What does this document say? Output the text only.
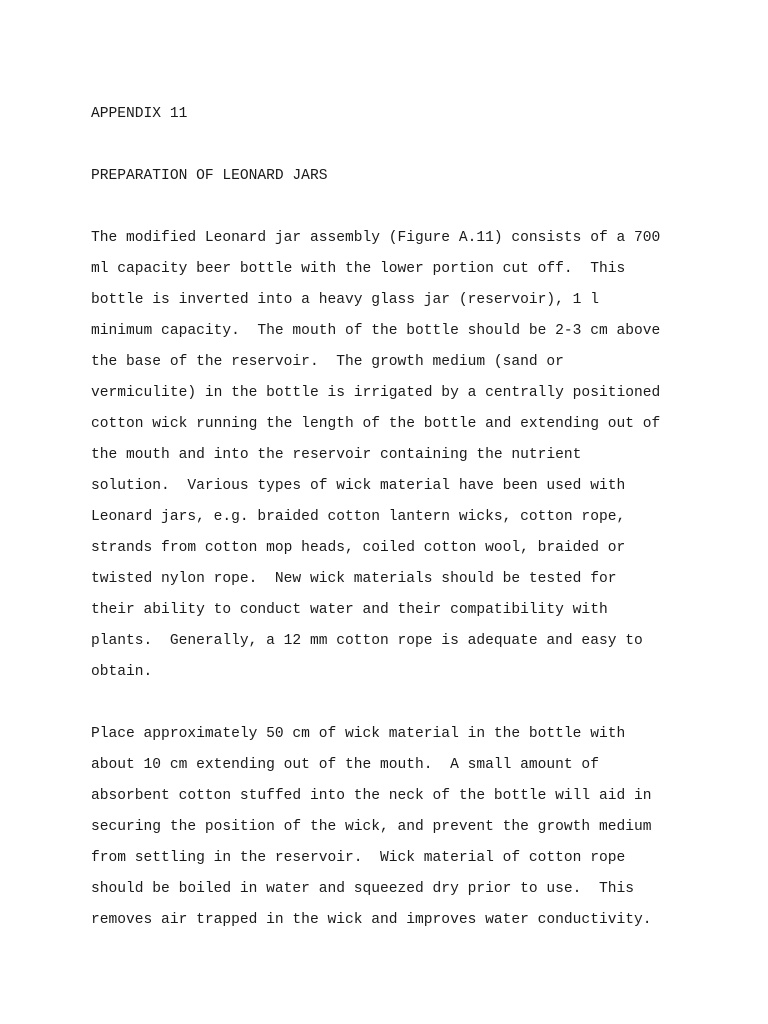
APPENDIX 11
PREPARATION OF LEONARD JARS
The modified Leonard jar assembly (Figure A.11) consists of a 700
ml capacity beer bottle with the lower portion cut off.  This
bottle is inverted into a heavy glass jar (reservoir), 1 l
minimum capacity.  The mouth of the bottle should be 2-3 cm above
the base of the reservoir.  The growth medium (sand or
vermiculite) in the bottle is irrigated by a centrally positioned
cotton wick running the length of the bottle and extending out of
the mouth and into the reservoir containing the nutrient
solution.  Various types of wick material have been used with
Leonard jars, e.g. braided cotton lantern wicks, cotton rope,
strands from cotton mop heads, coiled cotton wool, braided or
twisted nylon rope.  New wick materials should be tested for
their ability to conduct water and their compatibility with
plants.  Generally, a 12 mm cotton rope is adequate and easy to
obtain.
Place approximately 50 cm of wick material in the bottle with
about 10 cm extending out of the mouth.  A small amount of
absorbent cotton stuffed into the neck of the bottle will aid in
securing the position of the wick, and prevent the growth medium
from settling in the reservoir.  Wick material of cotton rope
should be boiled in water and squeezed dry prior to use.  This
removes air trapped in the wick and improves water conductivity.
